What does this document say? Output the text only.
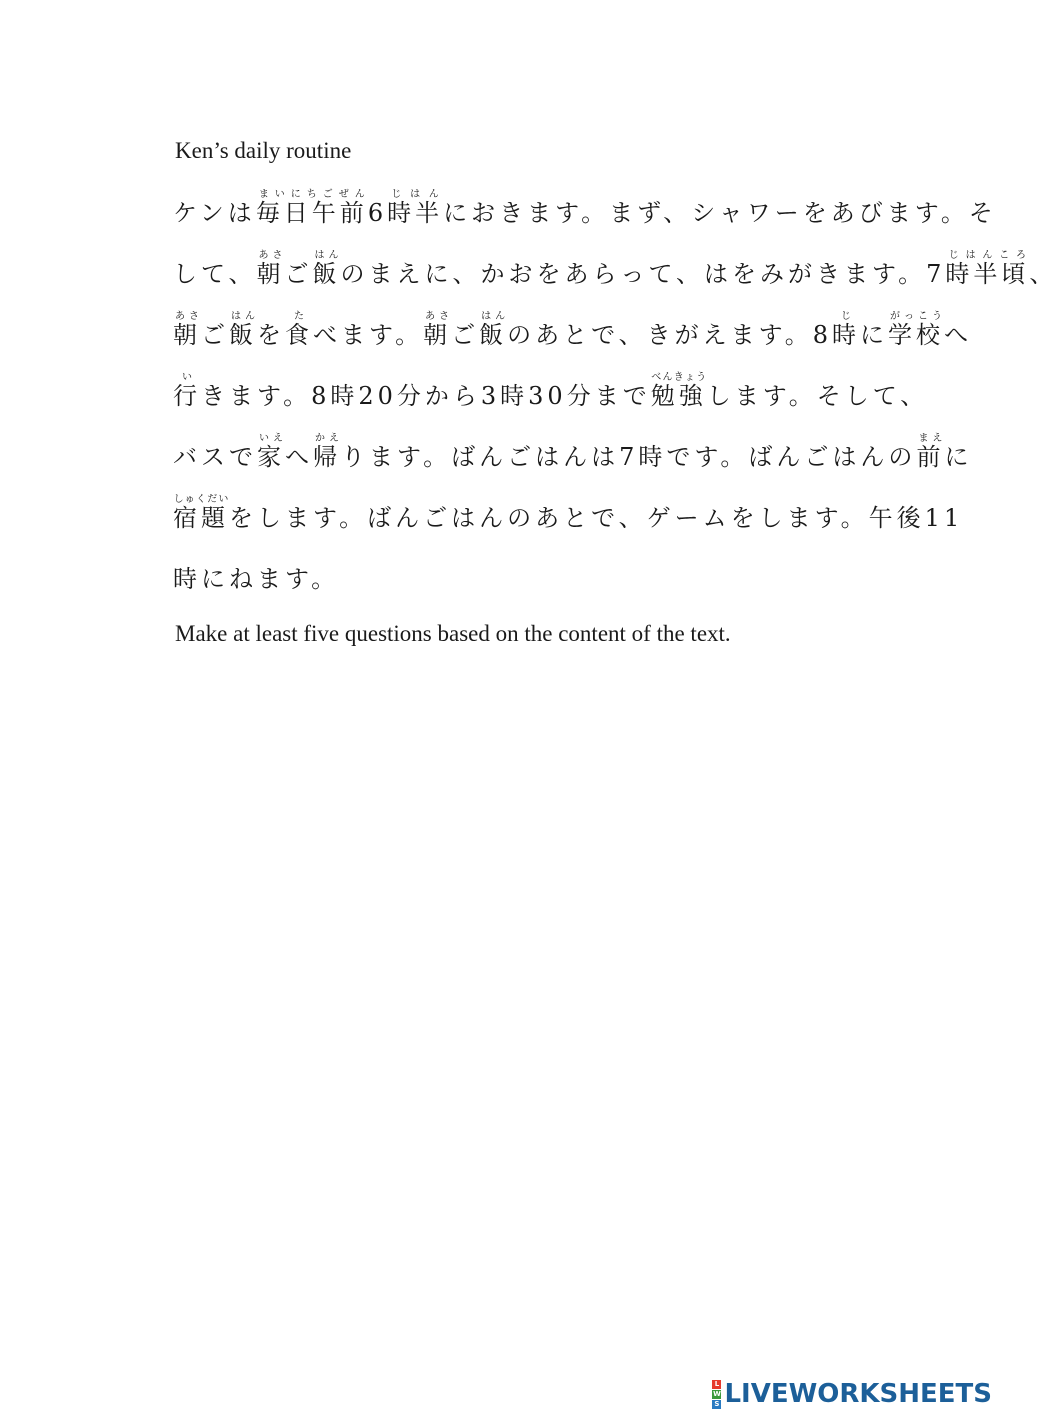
Ken’s daily routine
ケンは毎日午前まいにちごぜん6時半じはんにおきます。まず、シャワーをあびます。そ
して、朝あさご飯はんのまえに、かおをあらって、はをみがきます。7時半頃じはんころ、
朝あさご飯はんを食たべます。朝あさご飯はんのあとで、きがえます。8時じに学校がっこうへ
行いきます。8時20分から3時30分まで勉強べんきょうします。そして、
バスで家いえへ帰かえります。ばんごはんは7時です。ばんごはんの前まえに
宿題しゅくだいをします。ばんごはんのあとで、ゲームをします。午後11
時にねます。
Make at least five questions based on the content of the text.
L
W
S LIVEWORKSHEETS
